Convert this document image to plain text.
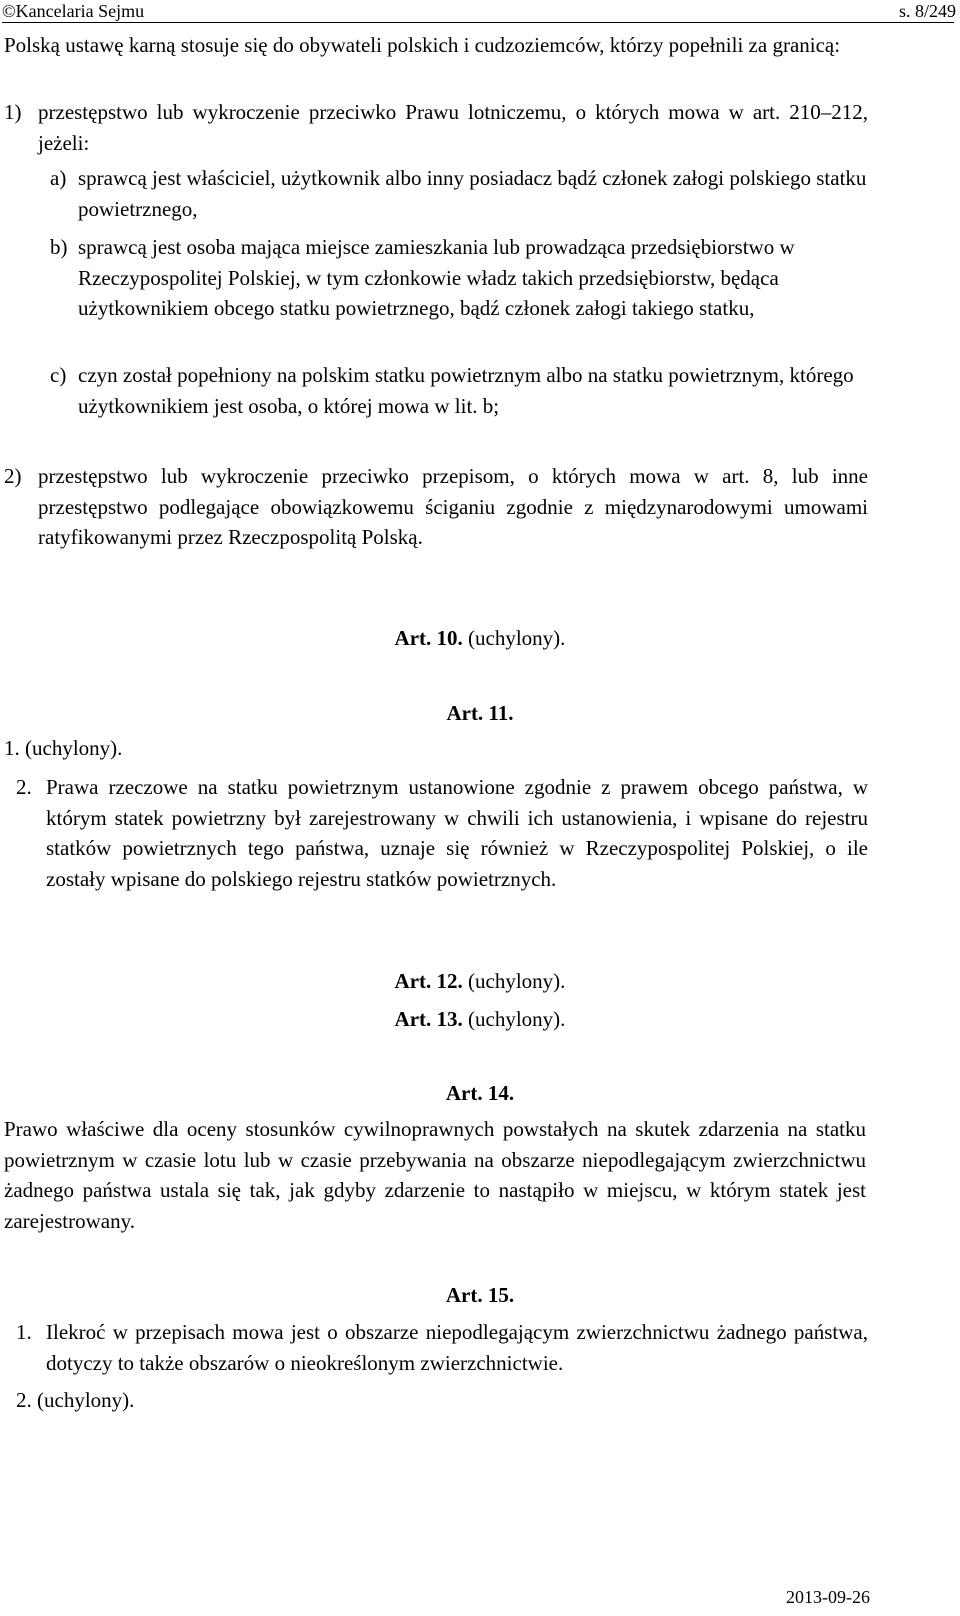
©Kancelaria Sejmu	s. 8/249
Polską ustawę karną stosuje się do obywateli polskich i cudzoziemców, którzy popełnili za granicą:
1) przestępstwo lub wykroczenie przeciwko Prawu lotniczemu, o których mowa w art. 210–212, jeżeli:
a) sprawcą jest właściciel, użytkownik albo inny posiadacz bądź członek załogi polskiego statku powietrznego,
b) sprawcą jest osoba mająca miejsce zamieszkania lub prowadząca przedsiębiorstwo w Rzeczypospolitej Polskiej, w tym członkowie władz takich przedsiębiorstw, będąca użytkownikiem obcego statku powietrznego, bądź członek załogi takiego statku,
c) czyn został popełniony na polskim statku powietrznym albo na statku powietrznym, którego użytkownikiem jest osoba, o której mowa w lit. b;
2) przestępstwo lub wykroczenie przeciwko przepisom, o których mowa w art. 8, lub inne przestępstwo podlegające obowiązkowemu ściganiu zgodnie z międzynarodowymi umowami ratyfikowanymi przez Rzeczpospolitą Polską.
Art. 10. (uchylony).
Art. 11.
1. (uchylony).
2. Prawa rzeczowe na statku powietrznym ustanowione zgodnie z prawem obcego państwa, w którym statek powietrzny był zarejestrowany w chwili ich ustanowienia, i wpisane do rejestru statków powietrznych tego państwa, uznaje się również w Rzeczypospolitej Polskiej, o ile zostały wpisane do polskiego rejestru statków powietrznych.
Art. 12. (uchylony).
Art. 13. (uchylony).
Art. 14.
Prawo właściwe dla oceny stosunków cywilnoprawnych powstałych na skutek zdarzenia na statku powietrznym w czasie lotu lub w czasie przebywania na obszarze niepodlegającym zwierzchnictwu żadnego państwa ustala się tak, jak gdyby zdarzenie to nastąpiło w miejscu, w którym statek jest zarejestrowany.
Art. 15.
1. Ilekroć w przepisach mowa jest o obszarze niepodlegającym zwierzchnictwu żadnego państwa, dotyczy to także obszarów o nieokreślonym zwierzchnictwie.
2. (uchylony).
2013-09-26
